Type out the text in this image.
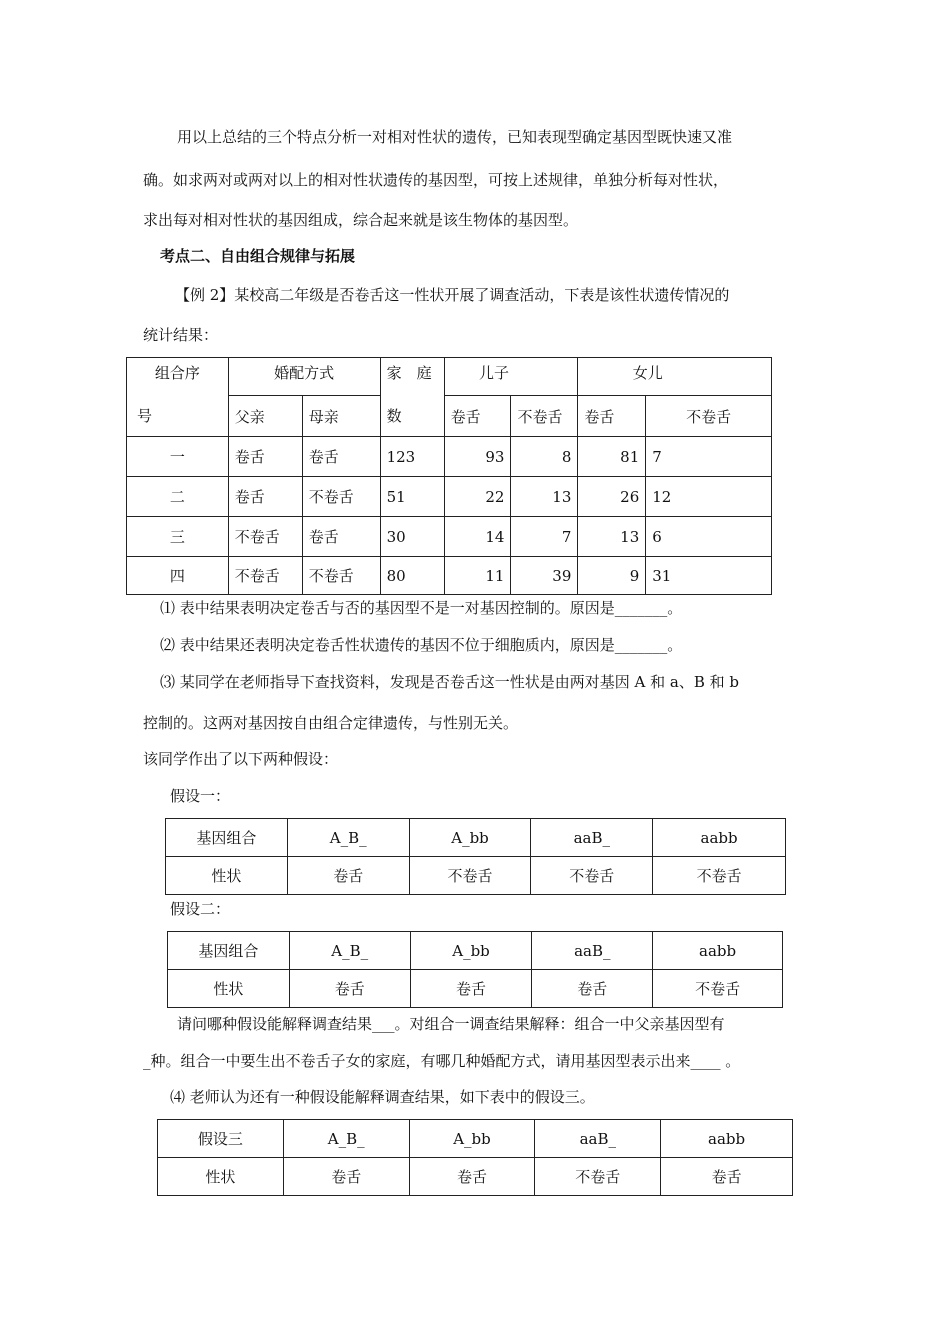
用以上总结的三个特点分析一对相对性状的遗传，已知表现型确定基因型既快速又准
确。如求两对或两对以上的相对性状遗传的基因型，可按上述规律，单独分析每对性状，
求出每对相对性状的基因组成，综合起来就是该生物体的基因型。
考点二、自由组合规律与拓展
【例 2】某校高二年级是否卷舌这一性状开展了调查活动，下表是该性状遗传情况的
统计结果：
组合序	婚配方式		家　庭	儿子		女儿	
号	父亲	母亲	数	卷舌	不卷舌	卷舌	不卷舌
一	卷舌	卷舌	123	93	8	81	7
二	卷舌	不卷舌	51	22	13	26	12
三	不卷舌	卷舌	30	14	7	13	6
四	不卷舌	不卷舌	80	11	39	9	31
⑴ 表中结果表明决定卷舌与否的基因型不是一对基因控制的。原因是_______。
⑵ 表中结果还表明决定卷舌性状遗传的基因不位于细胞质内，原因是_______。
⑶ 某同学在老师指导下查找资料，发现是否卷舌这一性状是由两对基因 A 和 a、B 和 b
控制的。这两对基因按自由组合定律遗传，与性别无关。
该同学作出了以下两种假设：
假设一：
基因组合	A_B_	A_bb	aaB_	aabb
性状	卷舌	不卷舌	不卷舌	不卷舌
假设二：
基因组合	A_B_	A_bb	aaB_	aabb
性状	卷舌	卷舌	卷舌	不卷舌
请问哪种假设能解释调查结果___。对组合一调查结果解释：组合一中父亲基因型有
_种。组合一中要生出不卷舌子女的家庭，有哪几种婚配方式，请用基因型表示出来____ 。
⑷ 老师认为还有一种假设能解释调查结果，如下表中的假设三。
假设三	A_B_	A_bb	aaB_	aabb
性状	卷舌	卷舌	不卷舌	卷舌
